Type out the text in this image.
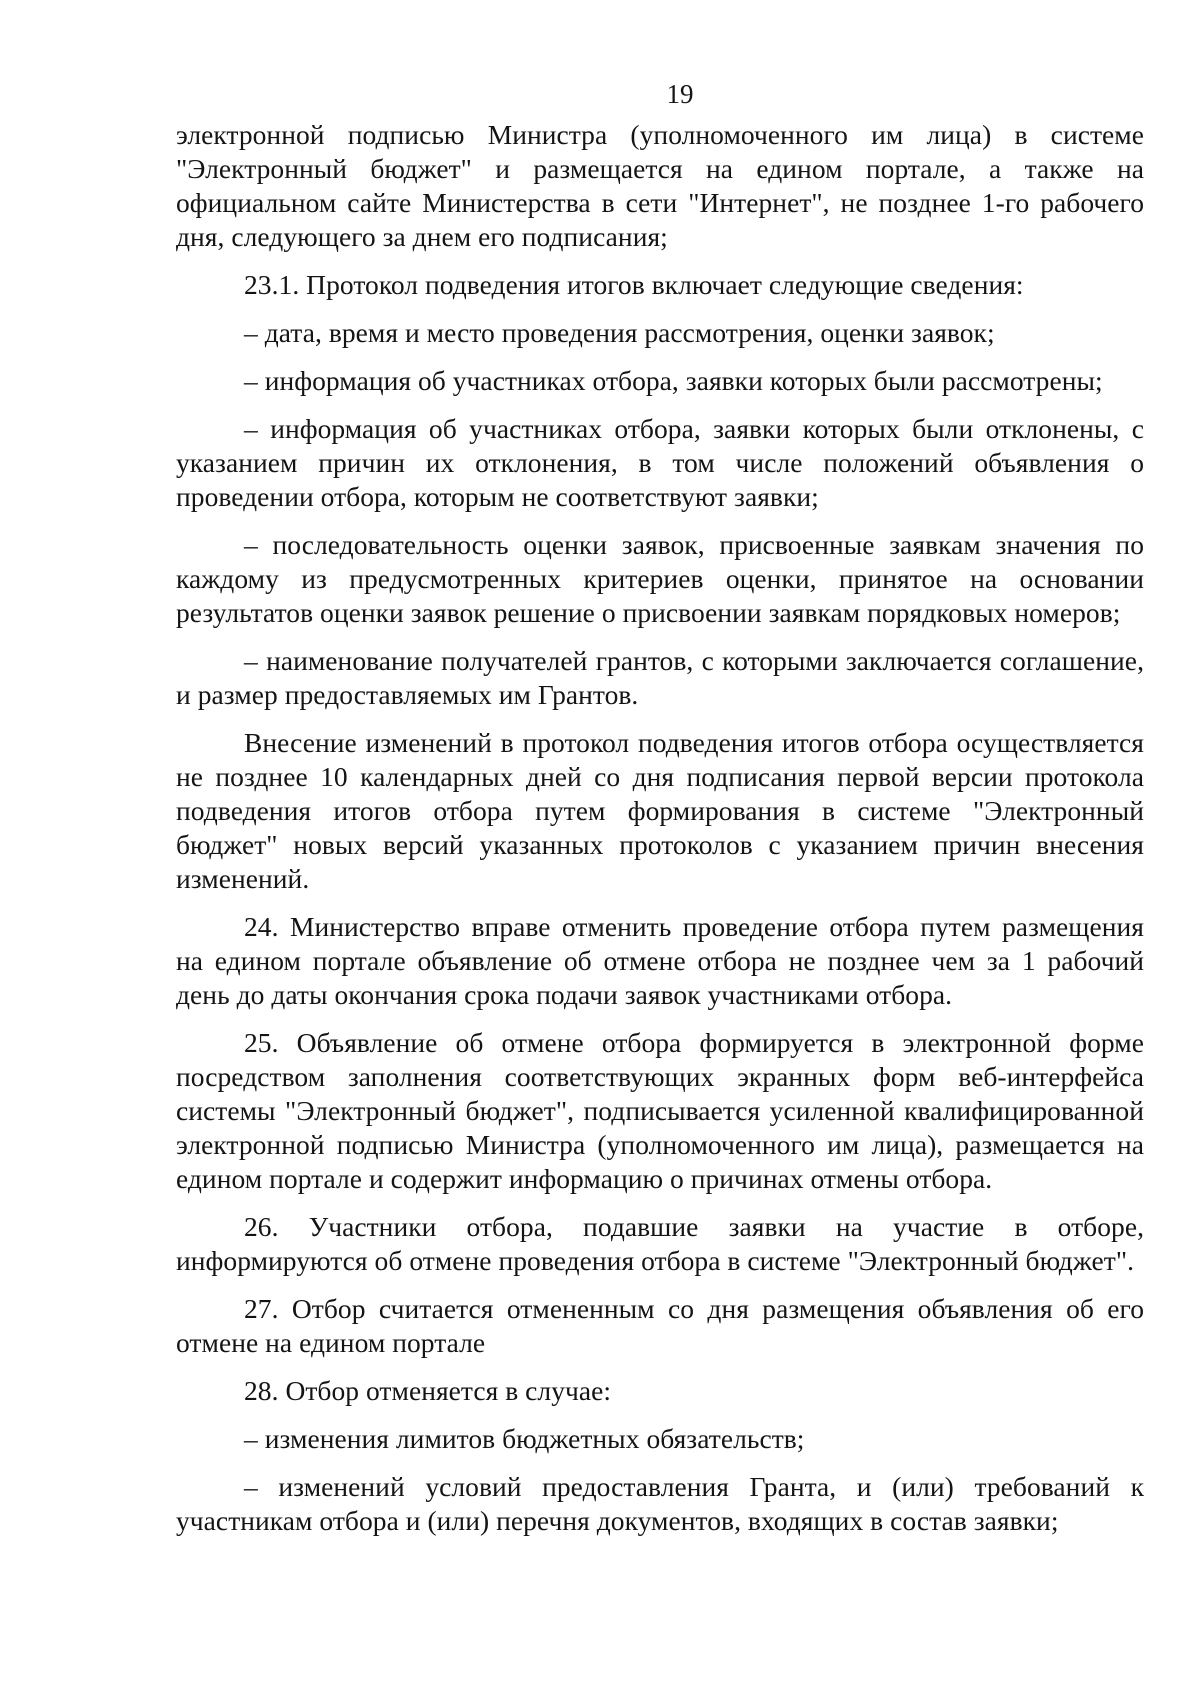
19

электронной подписью Министра (уполномоченного им лица) в системе "Электронный бюджет" и размещается на едином портале, а также на официальном сайте Министерства в сети "Интернет", не позднее 1-го рабочего дня, следующего за днем его подписания;

23.1. Протокол подведения итогов включает следующие сведения:

– дата, время и место проведения рассмотрения, оценки заявок;

– информация об участниках отбора, заявки которых были рассмотрены;

– информация об участниках отбора, заявки которых были отклонены, с указанием причин их отклонения, в том числе положений объявления о проведении отбора, которым не соответствуют заявки;

– последовательность оценки заявок, присвоенные заявкам значения по каждому из предусмотренных критериев оценки, принятое на основании результатов оценки заявок решение о присвоении заявкам порядковых номеров;

– наименование получателей грантов, с которыми заключается соглашение, и размер предоставляемых им Грантов.

Внесение изменений в протокол подведения итогов отбора осуществляется не позднее 10 календарных дней со дня подписания первой версии протокола подведения итогов отбора путем формирования в системе "Электронный бюджет" новых версий указанных протоколов с указанием причин внесения изменений.

24. Министерство вправе отменить проведение отбора путем размещения на едином портале объявление об отмене отбора не позднее чем за 1 рабочий день до даты окончания срока подачи заявок участниками отбора.

25. Объявление об отмене отбора формируется в электронной форме посредством заполнения соответствующих экранных форм веб-интерфейса системы "Электронный бюджет", подписывается усиленной квалифицированной электронной подписью Министра (уполномоченного им лица), размещается на едином портале и содержит информацию о причинах отмены отбора.

26. Участники отбора, подавшие заявки на участие в отборе, информируются об отмене проведения отбора в системе "Электронный бюджет".

27. Отбор считается отмененным со дня размещения объявления об его отмене на едином портале

28. Отбор отменяется в случае:

– изменения лимитов бюджетных обязательств;

– изменений условий предоставления Гранта, и (или) требований к участникам отбора и (или) перечня документов, входящих в состав заявки;
